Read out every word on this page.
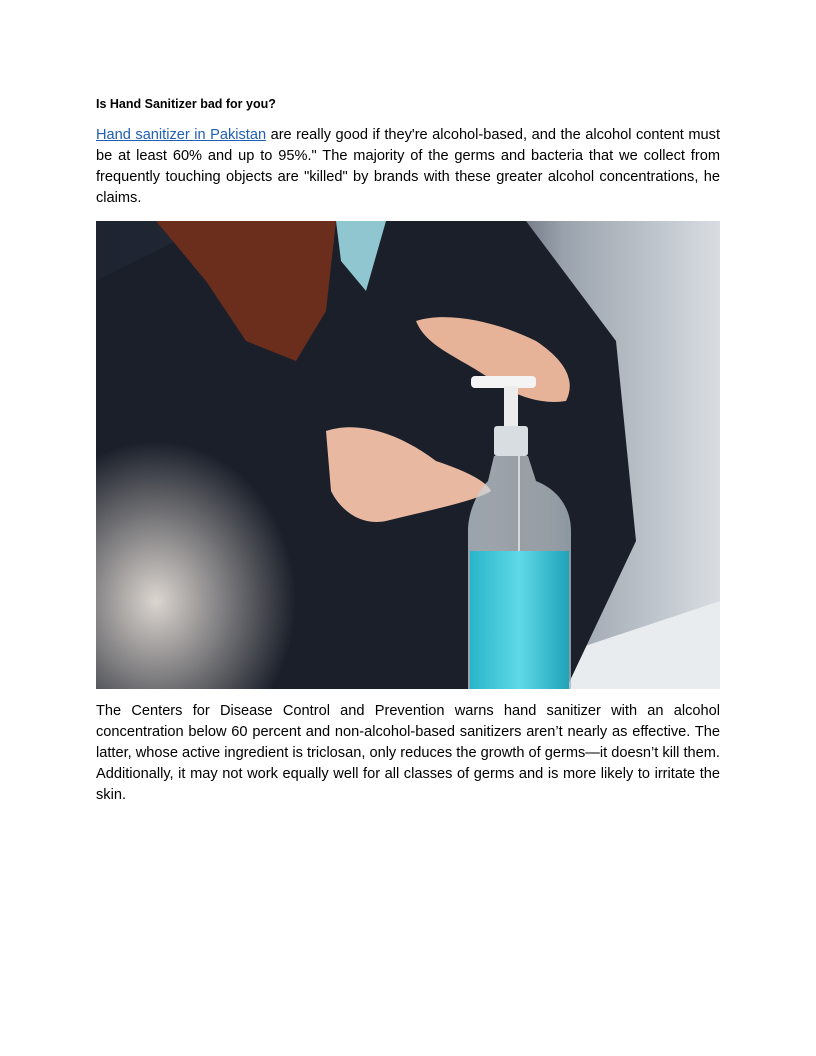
Is Hand Sanitizer bad for you?

Hand sanitizer in Pakistan are really good if they're alcohol-based, and the alcohol content must be at least 60% and up to 95%." The majority of the germs and bacteria that we collect from frequently touching objects are "killed" by brands with these greater alcohol concentrations, he claims.

The Centers for Disease Control and Prevention warns hand sanitizer with an alcohol concentration below 60 percent and non-alcohol-based sanitizers aren’t nearly as effective. The latter, whose active ingredient is triclosan, only reduces the growth of germs—it doesn’t kill them. Additionally, it may not work equally well for all classes of germs and is more likely to irritate the skin.
